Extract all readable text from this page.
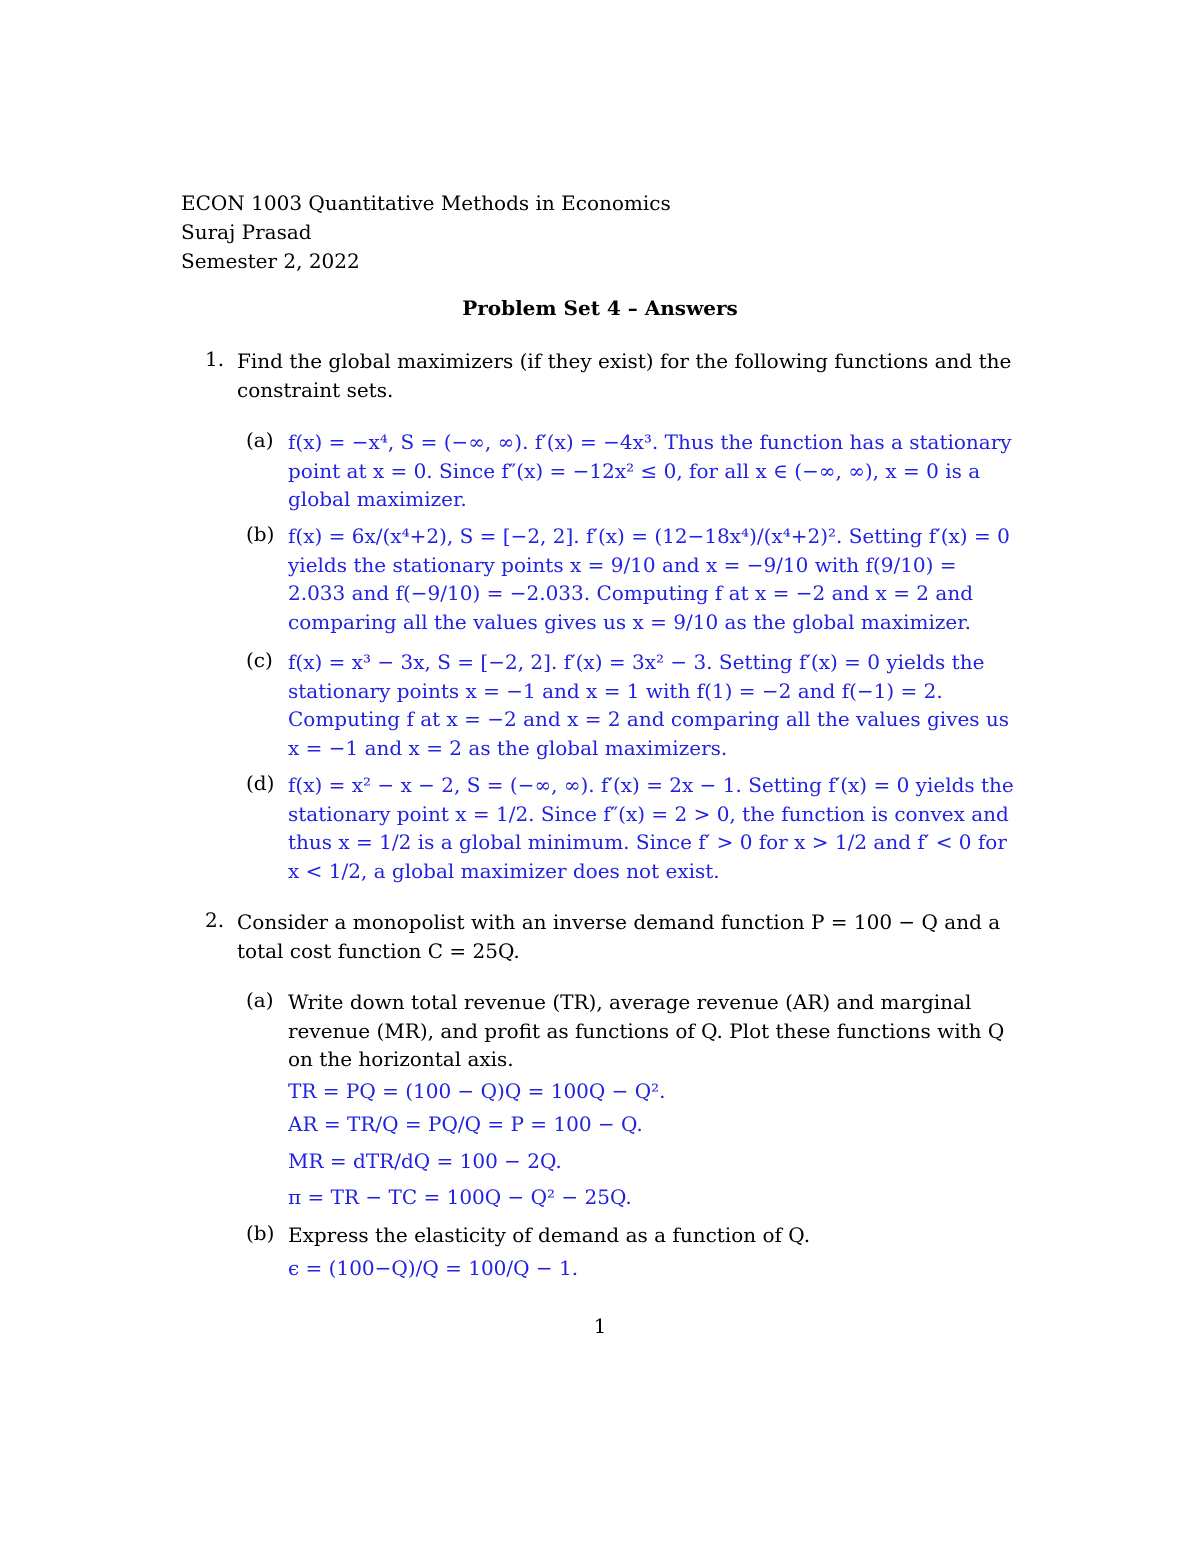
ECON 1003 Quantitative Methods in Economics
Suraj Prasad
Semester 2, 2022
Problem Set 4 – Answers
1. Find the global maximizers (if they exist) for the following functions and the constraint sets.
(a) f(x) = −x⁴, S = (−∞, ∞). f′(x) = −4x³. Thus the function has a stationary point at x = 0. Since f″(x) = −12x² ≤ 0, for all x ∈ (−∞, ∞), x = 0 is a global maximizer.
(b) f(x) = 6x/(x⁴+2), S = [−2, 2]. f′(x) = (12−18x⁴)/(x⁴+2)². Setting f′(x) = 0 yields the stationary points x = 9/10 and x = −9/10 with f(9/10) = 2.033 and f(−9/10) = −2.033. Computing f at x = −2 and x = 2 and comparing all the values gives us x = 9/10 as the global maximizer.
(c) f(x) = x³ − 3x, S = [−2, 2]. f′(x) = 3x² − 3. Setting f′(x) = 0 yields the stationary points x = −1 and x = 1 with f(1) = −2 and f(−1) = 2. Computing f at x = −2 and x = 2 and comparing all the values gives us x = −1 and x = 2 as the global maximizers.
(d) f(x) = x² − x − 2, S = (−∞, ∞). f′(x) = 2x − 1. Setting f′(x) = 0 yields the stationary point x = 1/2. Since f″(x) = 2 > 0, the function is convex and thus x = 1/2 is a global minimum. Since f′ > 0 for x > 1/2 and f′ < 0 for x < 1/2, a global maximizer does not exist.
2. Consider a monopolist with an inverse demand function P = 100 − Q and a total cost function C = 25Q.
(a) Write down total revenue (TR), average revenue (AR) and marginal revenue (MR), and profit as functions of Q. Plot these functions with Q on the horizontal axis.
TR = PQ = (100 − Q)Q = 100Q − Q².
AR = TR/Q = PQ/Q = P = 100 − Q.
MR = dTR/dQ = 100 − 2Q.
π = TR − TC = 100Q − Q² − 25Q.
(b) Express the elasticity of demand as a function of Q.
ϵ = (100−Q)/Q = 100/Q − 1.
1
